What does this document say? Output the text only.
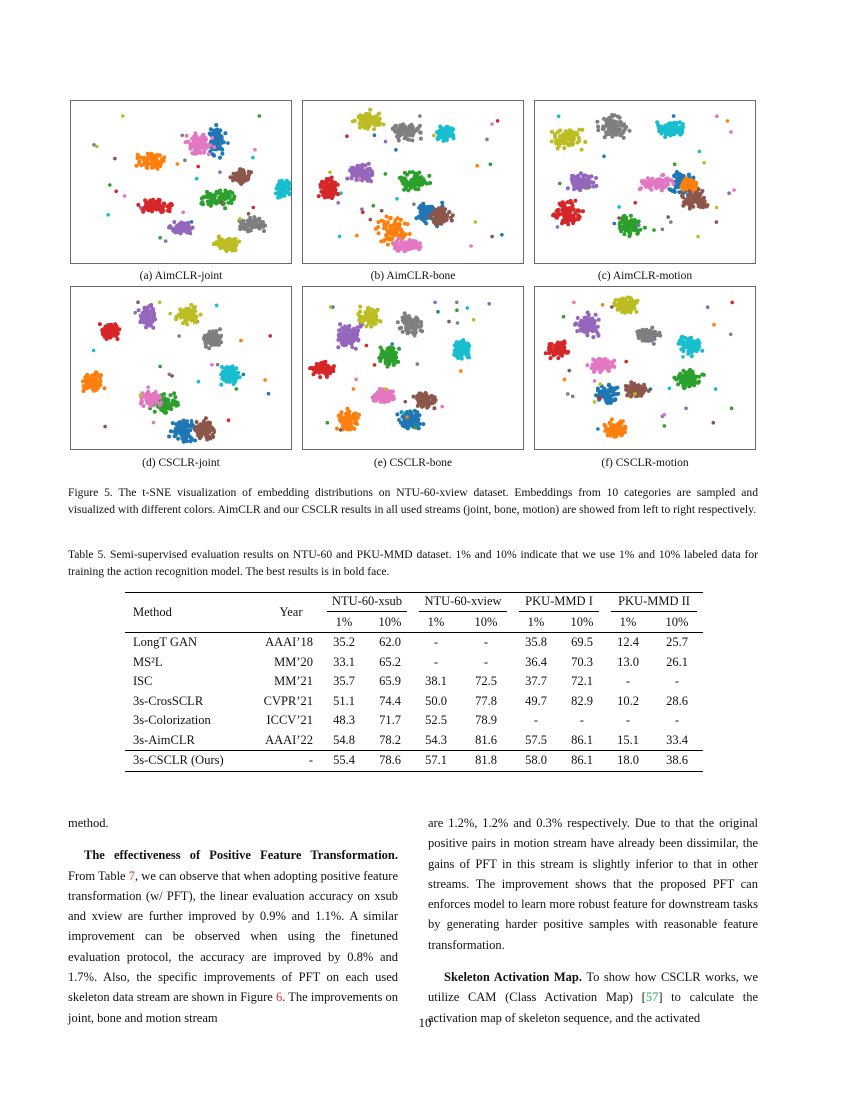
(a) AimCLR-joint	(b) AimCLR-bone	(c) AimCLR-motion
(d) CSCLR-joint	(e) CSCLR-bone	(f) CSCLR-motion
Figure 5. The t-SNE visualization of embedding distributions on NTU-60-xview dataset. Embeddings from 10 categories are sampled and visualized with different colors. AimCLR and our CSCLR results in all used streams (joint, bone, motion) are showed from left to right respectively.
Table 5. Semi-supervised evaluation results on NTU-60 and PKU-MMD dataset. 1% and 10% indicate that we use 1% and 10% labeled data for training the action recognition model. The best results is in bold face.
Method	Year	NTU-60-xsub		NTU-60-xview		PKU-MMD I		PKU-MMD II	

		1%	10%	1%	10%	1%	10%	1%	10%
LongT GAN	AAAI’18	35.2	62.0	-	-	35.8	69.5	12.4	25.7
MS²L	MM’20	33.1	65.2	-	-	36.4	70.3	13.0	26.1
ISC	MM’21	35.7	65.9	38.1	72.5	37.7	72.1	-	-
3s-CrosSCLR	CVPR’21	51.1	74.4	50.0	77.8	49.7	82.9	10.2	28.6
3s-Colorization	ICCV’21	48.3	71.7	52.5	78.9	-	-	-	-
3s-AimCLR	AAAI’22	54.8	78.2	54.3	81.6	57.5	86.1	15.1	33.4
3s-CSCLR (Ours)	-	55.4	78.6	57.1	81.8	58.0	86.1	18.0	38.6

method.

The effectiveness of Positive Feature Transformation. From Table 7, we can observe that when adopting positive feature transformation (w/ PFT), the linear evaluation accuracy on xsub and xview are further improved by 0.9% and 1.1%. A similar improvement can be observed when using the finetuned evaluation protocol, the accuracy are improved by 0.8% and 1.7%. Also, the specific improvements of PFT on each used skeleton data stream are shown in Figure 6. The improvements on joint, bone and motion stream

are 1.2%, 1.2% and 0.3% respectively. Due to that the original positive pairs in motion stream have already been dissimilar, the gains of PFT in this stream is slightly inferior to that in other streams. The improvement shows that the proposed PFT can enforces model to learn more robust feature for downstream tasks by generating harder positive samples with reasonable feature transformation.

Skeleton Activation Map. To show how CSCLR works, we utilize CAM (Class Activation Map) [57] to calculate the activation map of skeleton sequence, and the activated

10
